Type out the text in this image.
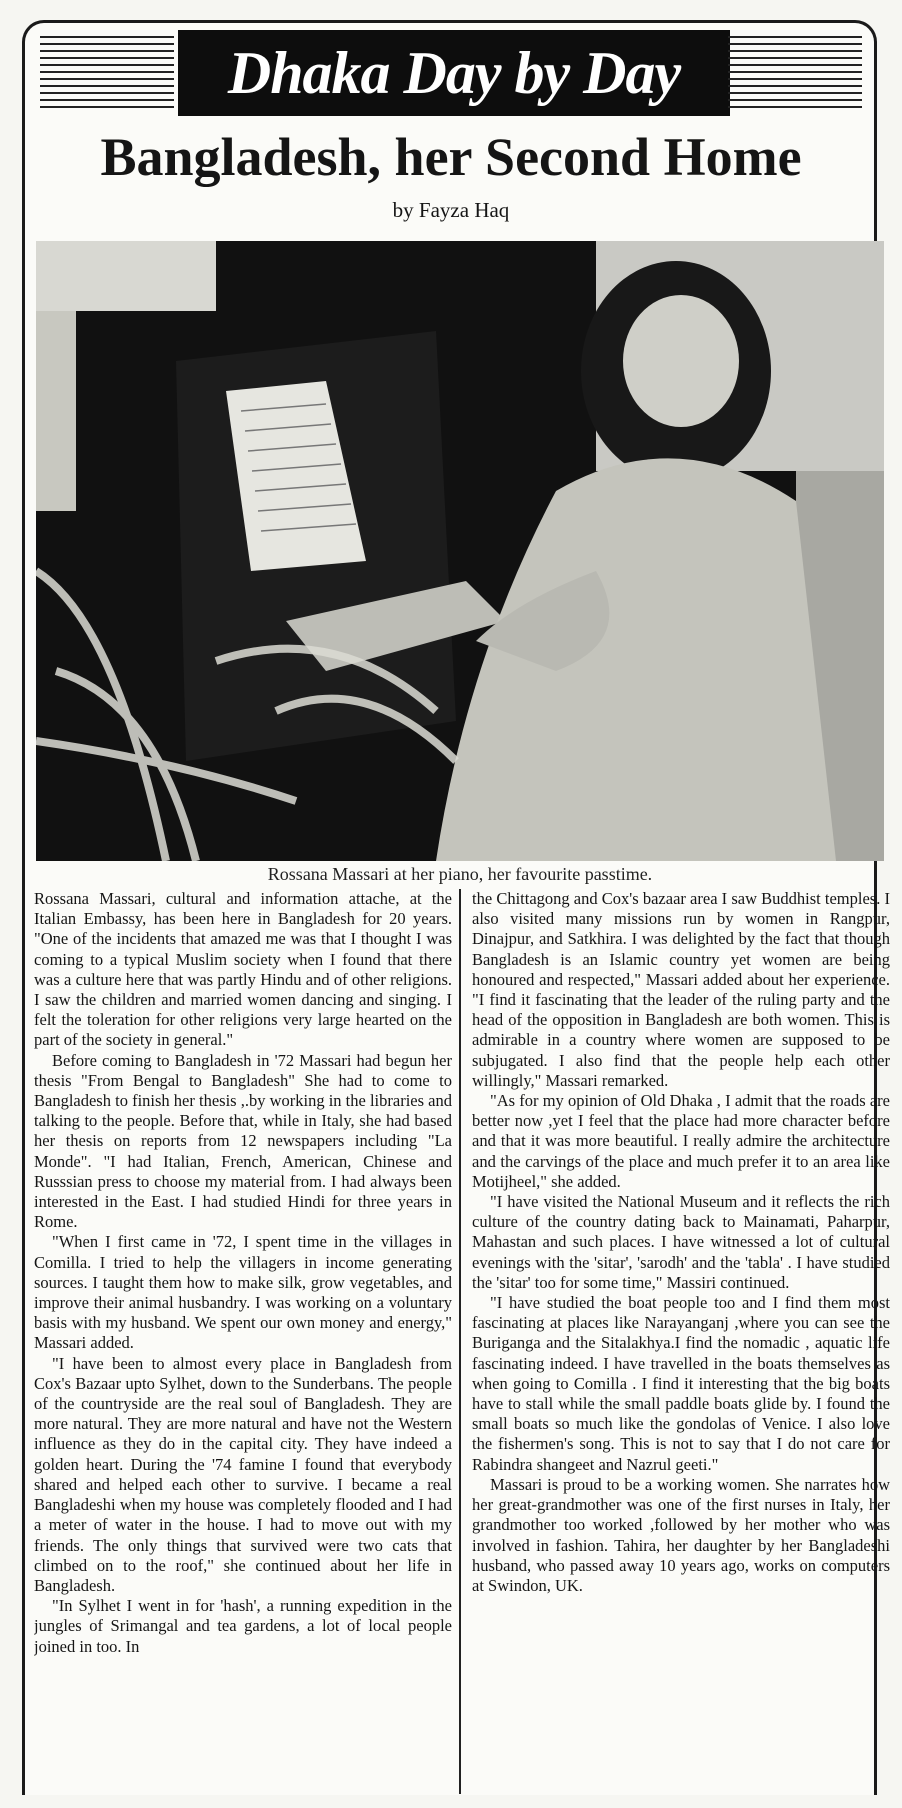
Dhaka Day by Day
Bangladesh, her Second Home
by Fayza Haq
Rossana Massari at her piano, her favourite passtime.

Rossana Massari, cultural and information attache, at the Italian Embassy, has been here in Bangladesh for 20 years. "One of the incidents that amazed me was that I thought I was coming to a typical Muslim society when I found that there was a culture here that was partly Hindu and of other religions. I saw the children and married women dancing and singing. I felt the toleration for other religions very large hearted on the part of the society in general."

Before coming to Bangladesh in '72 Massari had begun her thesis "From Bengal to Bangladesh" She had to come to Bangladesh to finish her thesis ,.by working in the libraries and talking to the people. Before that, while in Italy, she had based her thesis on reports from 12 newspapers including "La Monde". "I had Italian, French, American, Chinese and Russsian press to choose my material from. I had always been interested in the East. I had studied Hindi for three years in Rome.

"When I first came in '72, I spent time in the villages in Comilla. I tried to help the villagers in income generating sources. I taught them how to make silk, grow vegetables, and improve their animal husbandry. I was working on a voluntary basis with my husband. We spent our own money and energy," Massari added.

"I have been to almost every place in Bangladesh from Cox's Bazaar upto Sylhet, down to the Sunderbans. The people of the countryside are the real soul of Bangladesh. They are more natural. They are more natural and have not the Western influence as they do in the capital city. They have indeed a golden heart. During the '74 famine I found that everybody shared and helped each other to survive. I became a real Bangladeshi when my house was completely flooded and I had a meter of water in the house. I had to move out with my friends. The only things that survived were two cats that climbed on to the roof," she continued about her life in Bangladesh.

"In Sylhet I went in for 'hash', a running expedition in the jungles of Srimangal and tea gardens, a lot of local people joined in too. In

the Chittagong and Cox's bazaar area I saw Buddhist temples. I also visited many missions run by women in Rangpur, Dinajpur, and Satkhira. I was delighted by the fact that though Bangladesh is an Islamic country yet women are being honoured and respected," Massari added about her experience. "I find it fascinating that the leader of the ruling party and the head of the opposition in Bangladesh are both women. This is admirable in a country where women are supposed to be subjugated. I also find that the people help each other willingly," Massari remarked.

"As for my opinion of Old Dhaka , I admit that the roads are better now ,yet I feel that the place had more character before and that it was more beautiful. I really admire the architecture and the carvings of the place and much prefer it to an area like Motijheel," she added.

"I have visited the National Museum and it reflects the rich culture of the country dating back to Mainamati, Paharpur, Mahastan and such places. I have witnessed a lot of cultural evenings with the 'sitar', 'sarodh' and the 'tabla' . I have studied the 'sitar' too for some time," Massiri continued.

"I have studied the boat people too and I find them most fascinating at places like Narayanganj ,where you can see the Buriganga and the Sitalakhya.I find the nomadic , aquatic life fascinating indeed. I have travelled in the boats themselves as when going to Comilla . I find it interesting that the big boats have to stall while the small paddle boats glide by. I found the small boats so much like the gondolas of Venice. I also love the fishermen's song. This is not to say that I do not care for Rabindra shangeet and Nazrul geeti."

Massari is proud to be a working women. She narrates how her great-grandmother was one of the first nurses in Italy, her grandmother too worked ,followed by her mother who was involved in fashion. Tahira, her daughter by her Bangladeshi husband, who passed away 10 years ago, works on computers at Swindon, UK.
